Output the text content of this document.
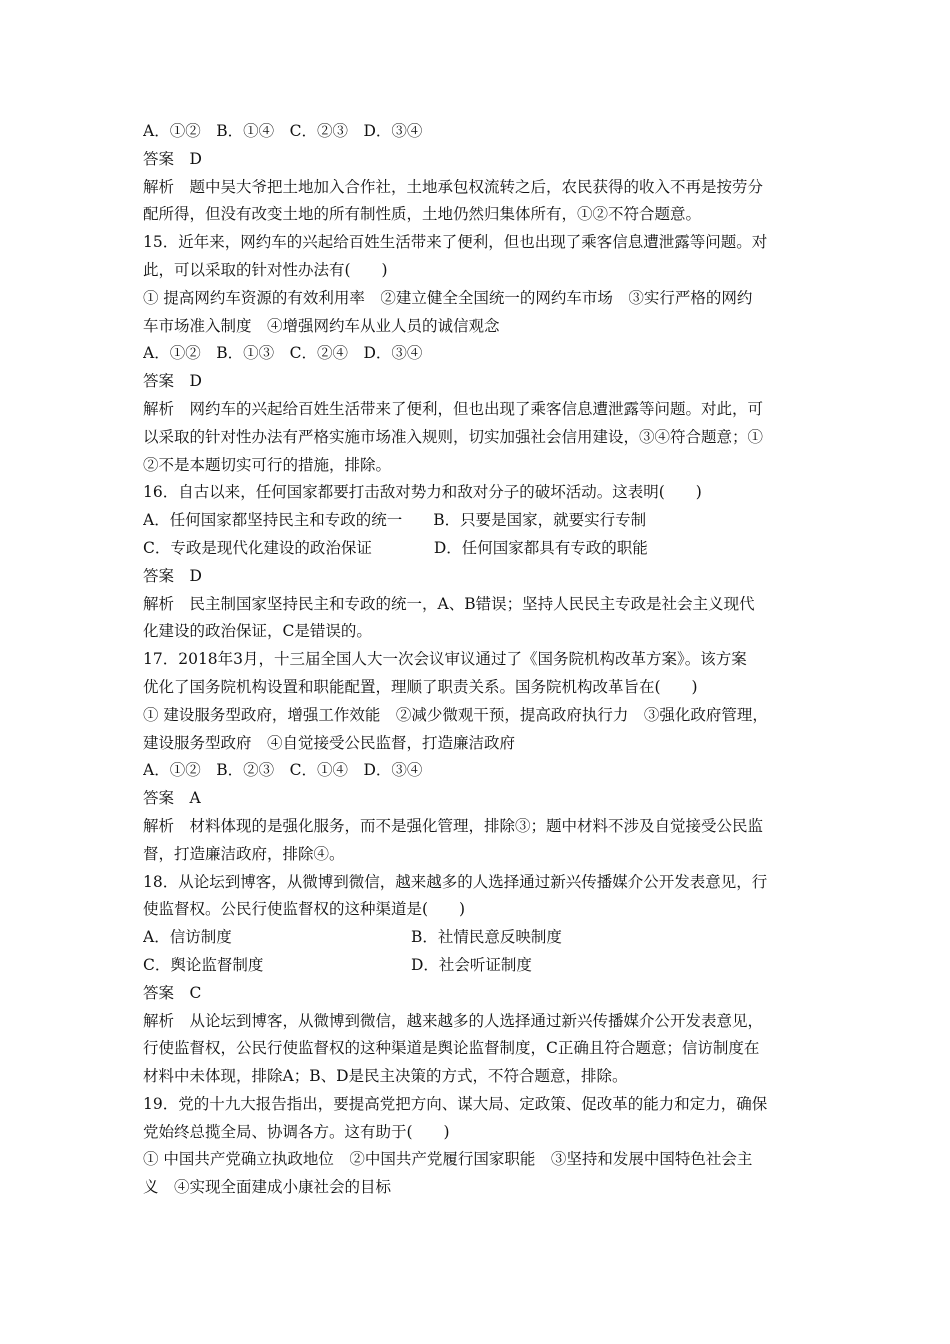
A．①②　B．①④　C．②③　D．③④
答案　D
解析　题中吴大爷把土地加入合作社，土地承包权流转之后，农民获得的收入不再是按劳分
配所得，但没有改变土地的所有制性质，土地仍然归集体所有，①②不符合题意。
15．近年来，网约车的兴起给百姓生活带来了便利，但也出现了乘客信息遭泄露等问题。对
此，可以采取的针对性办法有(　　)
① 提高网约车资源的有效利用率　②建立健全全国统一的网约车市场　③实行严格的网约
车市场准入制度　④增强网约车从业人员的诚信观念
A．①②　B．①③　C．②④　D．③④
答案　D
解析　网约车的兴起给百姓生活带来了便利，但也出现了乘客信息遭泄露等问题。对此，可
以采取的针对性办法有严格实施市场准入规则，切实加强社会信用建设，③④符合题意；①
②不是本题切实可行的措施，排除。
16．自古以来，任何国家都要打击敌对势力和敌对分子的破坏活动。这表明(　　)
A．任何国家都坚持民主和专政的统一　　B．只要是国家，就要实行专制
C．专政是现代化建设的政治保证　　　　D．任何国家都具有专政的职能
答案　D
解析　民主制国家坚持民主和专政的统一，A、B错误；坚持人民民主专政是社会主义现代
化建设的政治保证，C是错误的。
17．2018年3月，十三届全国人大一次会议审议通过了《国务院机构改革方案》。该方案
优化了国务院机构设置和职能配置，理顺了职责关系。国务院机构改革旨在(　　)
① 建设服务型政府，增强工作效能　②减少微观干预，提高政府执行力　③强化政府管理，
建设服务型政府　④自觉接受公民监督，打造廉洁政府
A．①②　B．②③　C．①④　D．③④
答案　A
解析　材料体现的是强化服务，而不是强化管理，排除③；题中材料不涉及自觉接受公民监
督，打造廉洁政府，排除④。
18．从论坛到博客，从微博到微信，越来越多的人选择通过新兴传播媒介公开发表意见，行
使监督权。公民行使监督权的这种渠道是(　　)
A．信访制度	B．社情民意反映制度
C．舆论监督制度	D．社会听证制度
答案　C
解析　从论坛到博客，从微博到微信，越来越多的人选择通过新兴传播媒介公开发表意见，
行使监督权，公民行使监督权的这种渠道是舆论监督制度，C正确且符合题意；信访制度在
材料中未体现，排除A；B、D是民主决策的方式，不符合题意，排除。
19．党的十九大报告指出，要提高党把方向、谋大局、定政策、促改革的能力和定力，确保
党始终总揽全局、协调各方。这有助于(　　)
① 中国共产党确立执政地位　②中国共产党履行国家职能　③坚持和发展中国特色社会主
义　④实现全面建成小康社会的目标
